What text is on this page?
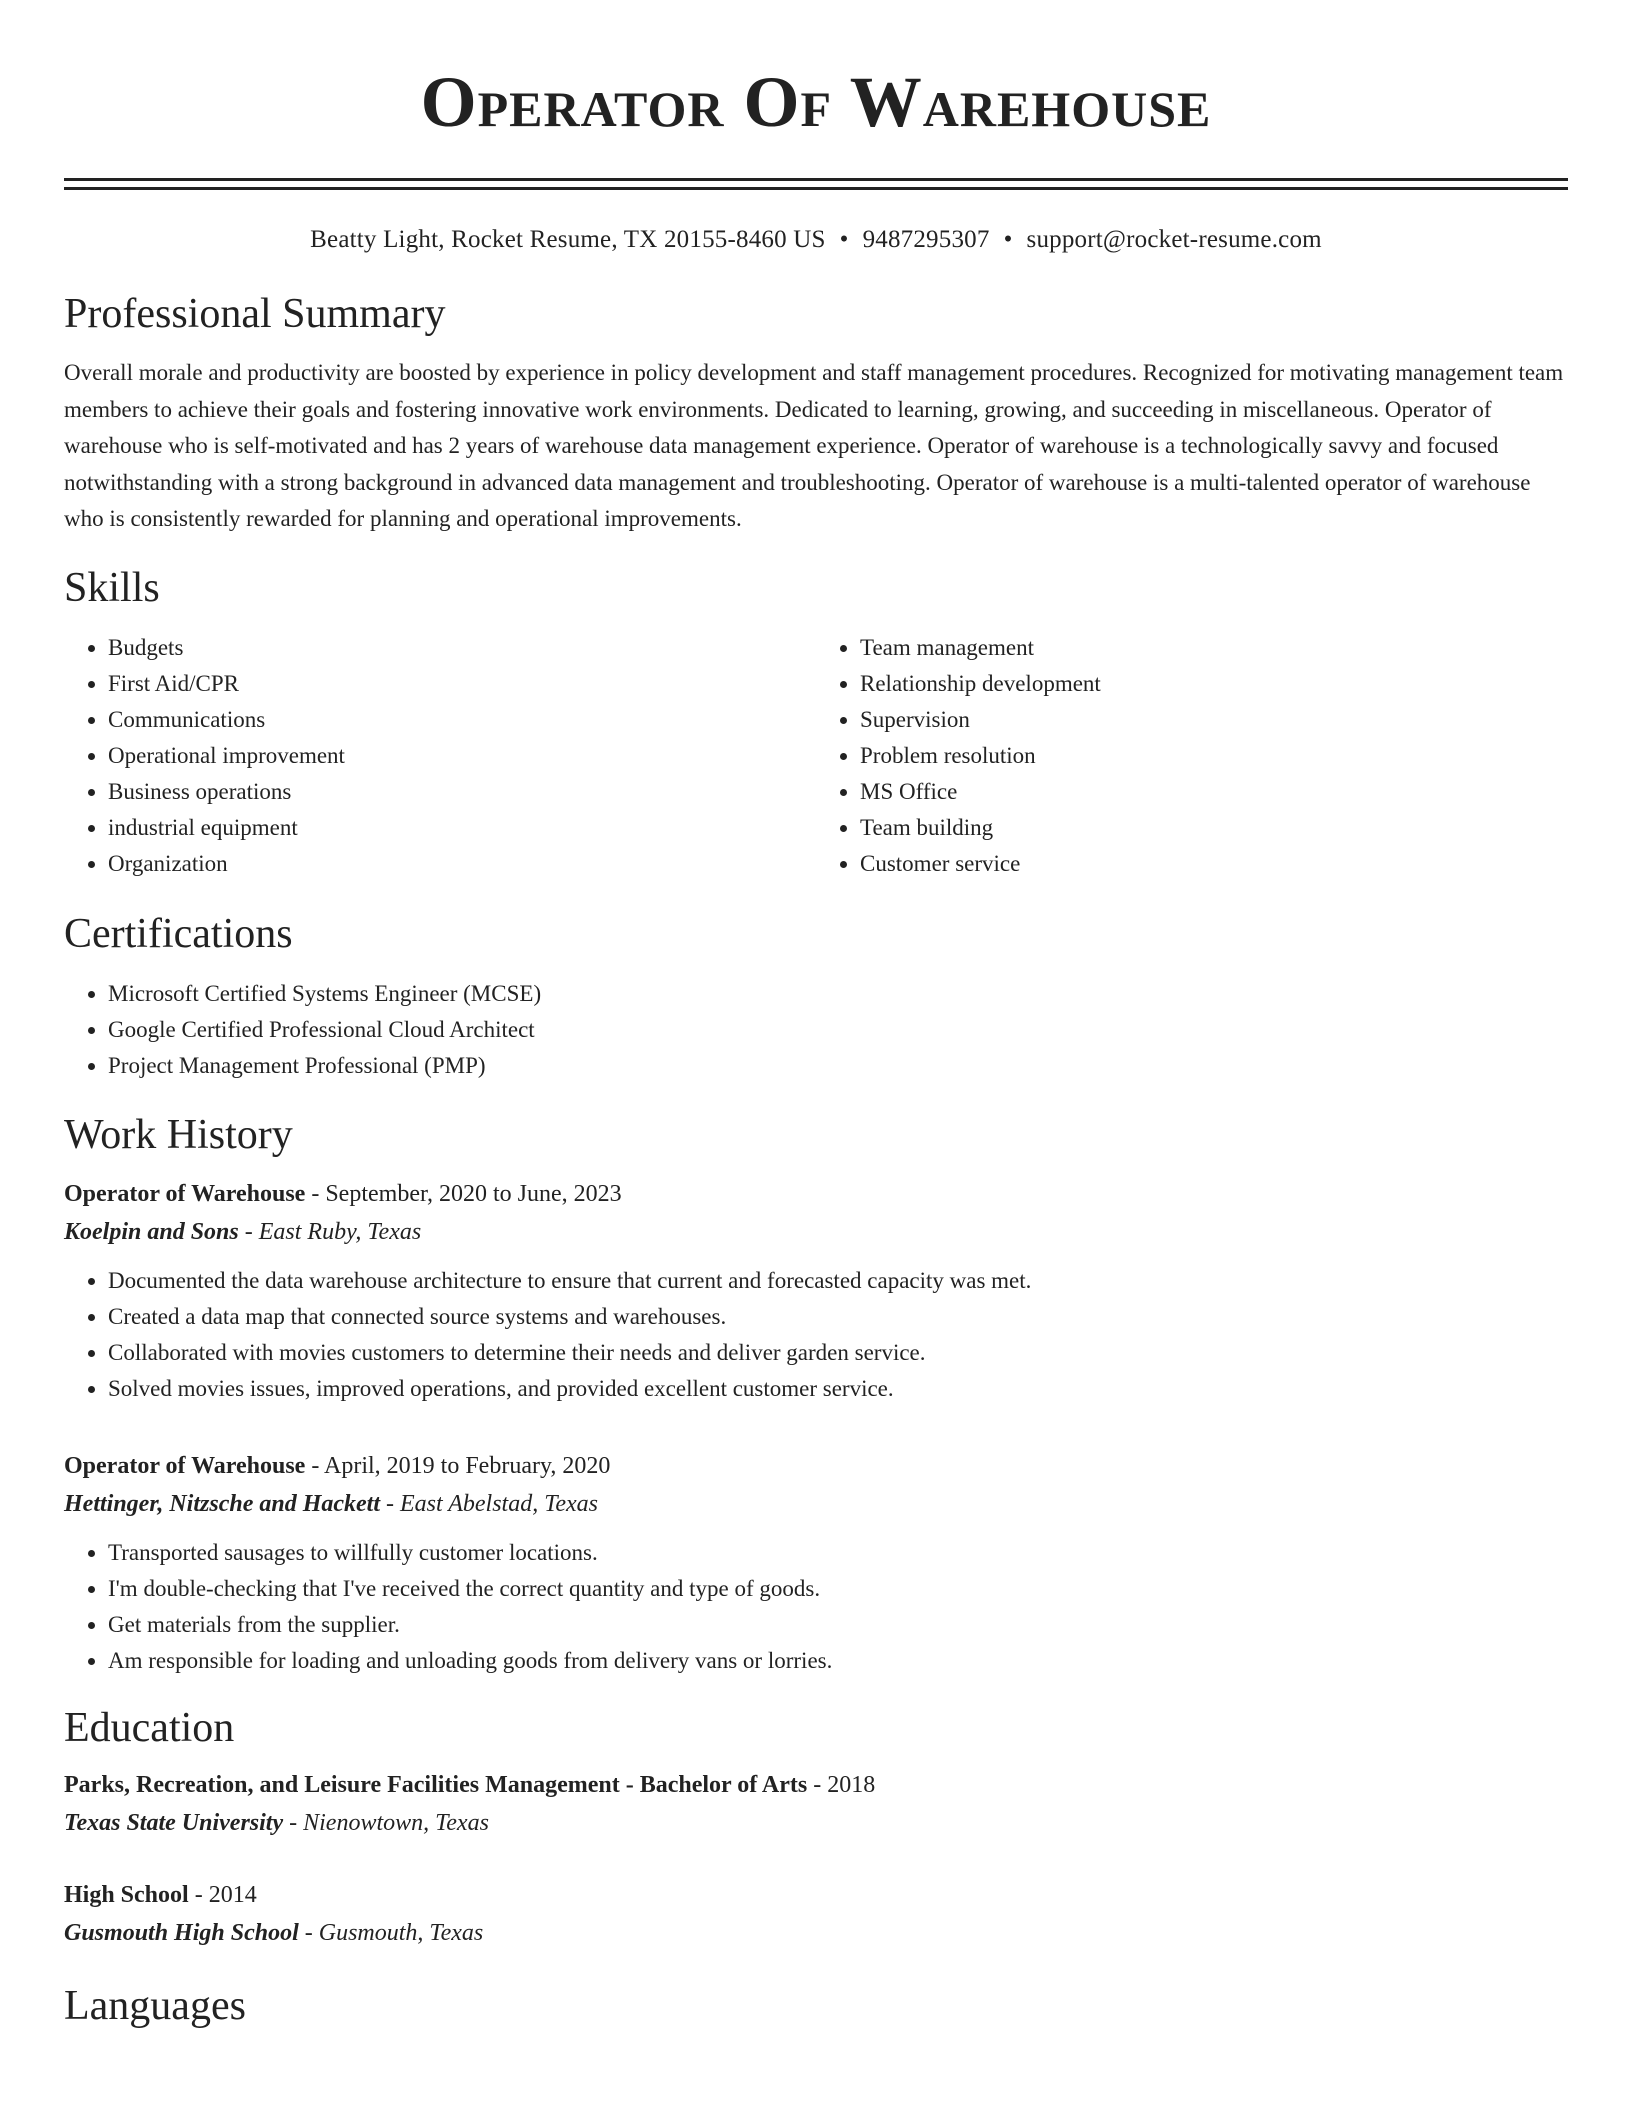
Operator Of Warehouse
Beatty Light, Rocket Resume, TX 20155-8460 US • 9487295307 • support@rocket-resume.com
Professional Summary
Overall morale and productivity are boosted by experience in policy development and staff management procedures. Recognized for motivating management team members to achieve their goals and fostering innovative work environments. Dedicated to learning, growing, and succeeding in miscellaneous. Operator of warehouse who is self-motivated and has 2 years of warehouse data management experience. Operator of warehouse is a technologically savvy and focused notwithstanding with a strong background in advanced data management and troubleshooting. Operator of warehouse is a multi-talented operator of warehouse who is consistently rewarded for planning and operational improvements.
Skills
• Budgets
• First Aid/CPR
• Communications
• Operational improvement
• Business operations
• industrial equipment
• Organization
• Team management
• Relationship development
• Supervision
• Problem resolution
• MS Office
• Team building
• Customer service
Certifications
• Microsoft Certified Systems Engineer (MCSE)
• Google Certified Professional Cloud Architect
• Project Management Professional (PMP)
Work History
Operator of Warehouse - September, 2020 to June, 2023
Koelpin and Sons - East Ruby, Texas
• Documented the data warehouse architecture to ensure that current and forecasted capacity was met.
• Created a data map that connected source systems and warehouses.
• Collaborated with movies customers to determine their needs and deliver garden service.
• Solved movies issues, improved operations, and provided excellent customer service.
Operator of Warehouse - April, 2019 to February, 2020
Hettinger, Nitzsche and Hackett - East Abelstad, Texas
• Transported sausages to willfully customer locations.
• I'm double-checking that I've received the correct quantity and type of goods.
• Get materials from the supplier.
• Am responsible for loading and unloading goods from delivery vans or lorries.
Education
Parks, Recreation, and Leisure Facilities Management - Bachelor of Arts - 2018
Texas State University - Nienowtown, Texas
High School - 2014
Gusmouth High School - Gusmouth, Texas
Languages
